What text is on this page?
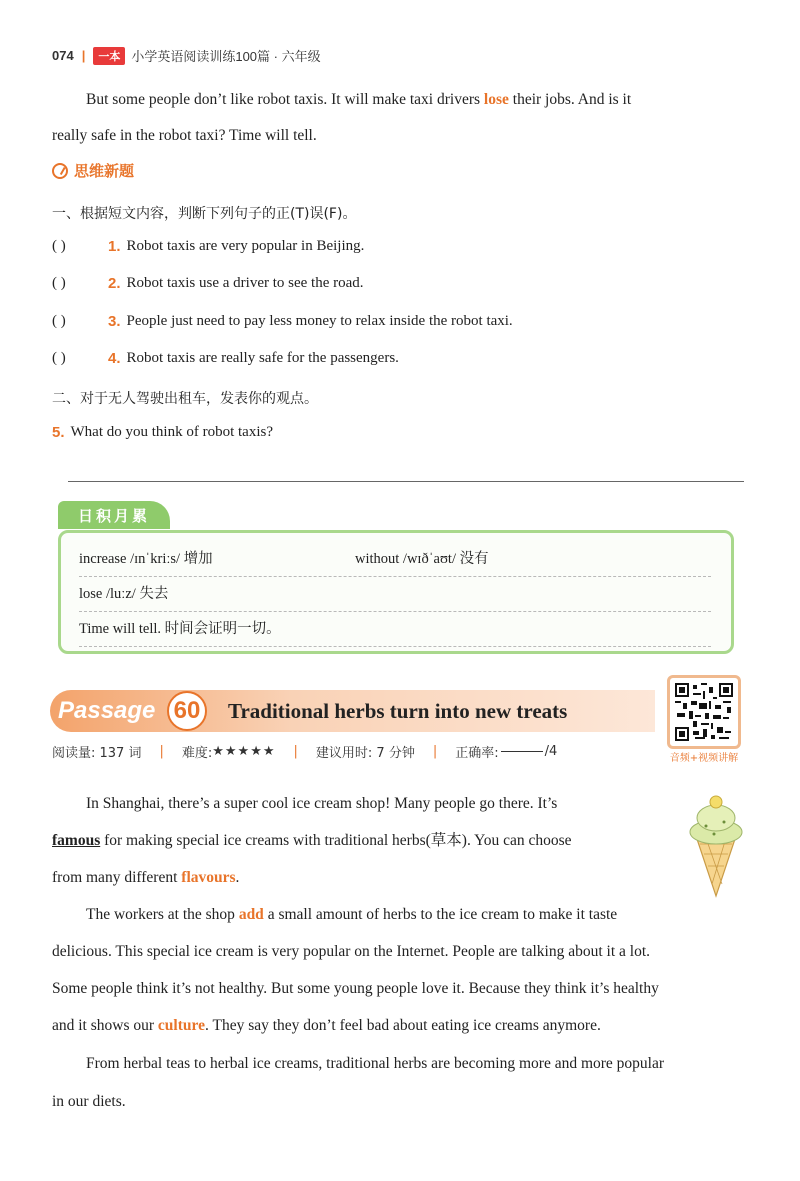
074 |	一本 小学英语阅读训练100篇 · 六年级
But some people don’t like robot taxis. It will make taxi drivers lose their jobs. And is it
really safe in the robot taxi? Time will tell.
思维新题
一、根据短文内容，判断下列句子的正(T)误(F)。
( )	1. Robot taxis are very popular in Beijing.
( )	2. Robot taxis use a driver to see the road.
( )	3. People just need to pay less money to relax inside the robot taxi.
( )	4. Robot taxis are really safe for the passengers.
二、对于无人驾驶出租车，发表你的观点。
5. What do you think of robot taxis?
日积月累
increase /ɪnˈkriːs/ 增加	without /wɪðˈaʊt/ 没有
lose /luːz/ 失去
Time will tell. 时间会证明一切。
Passage 60	Traditional herbs turn into new treats
音频+视频讲解
阅读量: 137 词 | 难度: ★★★★★ | 建议用时: 7 分钟 | 正确率:	/4
In Shanghai, there’s a super cool ice cream shop! Many people go there. It’s
famous for making special ice creams with traditional herbs(草本). You can choose
from many different flavours.
The workers at the shop add a small amount of herbs to the ice cream to make it taste
delicious. This special ice cream is very popular on the Internet. People are talking about it a lot.
Some people think it’s not healthy. But some young people love it. Because they think it’s healthy
and it shows our culture. They say they don’t feel bad about eating ice creams anymore.
From herbal teas to herbal ice creams, traditional herbs are becoming more and more popular
in our diets.
